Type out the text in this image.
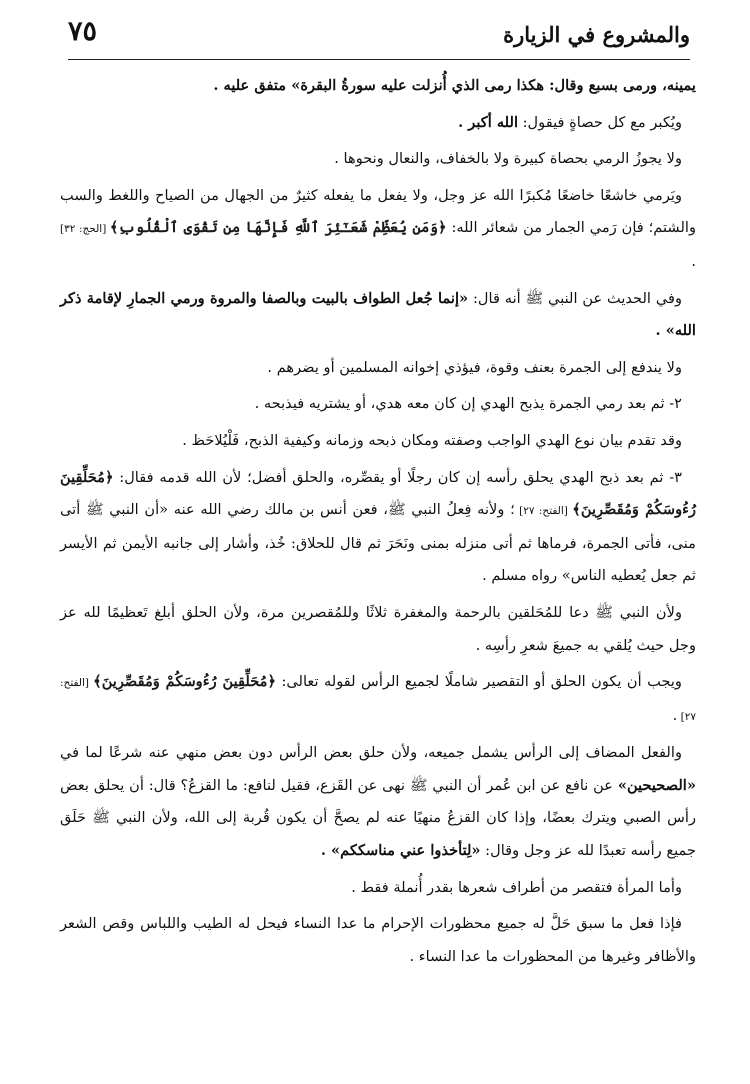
والمشروع في الزيارة
٧٥

يمينه، ورمى بسبع وقال: هكذا رمى الذي أُنزلت عليه سورةُ البقرة» متفق عليه .

ويُكبر مع كل حصاةٍ فيقول: الله أكبر .

ولا يجوزُ الرمي بحصاة كبيرة ولا بالخفاف، والنعال ونحوها .

ويَرمي خاشعًا خاضعًا مُكبرًا الله عز وجل، ولا يفعل ما يفعله كثيرٌ من الجهال من الصياح واللغط والسب والشتم؛ فإن رَمي الجمار من شعائر الله: ﴿وَمَن يُعَظِّمْ شَعَـٰٓئِرَ ٱللَّهِ فَإِنَّهَا مِن تَقْوَى ٱلْقُلُوبِ﴾ [الحج: ٣٢] .

وفي الحديث عن النبي ﷺ أنه قال: «إنما جُعل الطواف بالبيت وبالصفا والمروة ورمي الجمارِ لإقامة ذكر الله» .

ولا يندفع إلى الجمرة بعنف وقوة، فيؤذي إخوانه المسلمين أو يضرهم .

٢- ثم بعد رمي الجمرة يذبح الهدي إن كان معه هدي، أو يشتريه فيذبحه .

وقد تقدم بيان نوع الهدي الواجب وصفته ومكان ذبحه وزمانه وكيفية الذبح، فَلْيُلاحَظ .

٣- ثم بعد ذبح الهدي يحلق رأسه إن كان رجلًا أو يقصِّره، والحلق أفضل؛ لأن الله قدمه فقال: ﴿مُحَلِّقِينَ رُءُوسَكُمْ وَمُقَصِّرِينَ﴾ [الفتح: ٢٧] ؛ ولأنه فِعلُ النبي ﷺ، فعن أنس بن مالك رضي الله عنه «أن النبي ﷺ أتى منى، فأتى الجمرة، فرماها ثم أتى منزله بمنى ونَحَرَ ثم قال للحلاق: خُذ، وأشار إلى جانبه الأيمن ثم الأيسر ثم جعل يُعطيه الناس» رواه مسلم .

ولأن النبي ﷺ دعا للمُحَلقين بالرحمة والمغفرة ثلاثًا وللمُقصرين مرة، ولأن الحلق أبلغ تَعظيمًا لله عز وجل حيث يُلقي به جميعَ شعرِ رأسِه .

ويجب أن يكون الحلق أو التقصير شاملًا لجميع الرأس لقوله تعالى: ﴿مُحَلِّقِينَ رُءُوسَكُمْ وَمُقَصِّرِينَ﴾ [الفتح: ٢٧] .

والفعل المضاف إلى الرأس يشمل جميعه، ولأن حلق بعض الرأس دون بعض منهي عنه شرعًا لما في «الصحيحين» عن نافع عن ابن عُمر أن النبي ﷺ نهى عن القَزع، فقيل لنافع: ما القزعُ؟ قال: أن يحلق بعض رأس الصبي ويترك بعضًا، وإذا كان القزعُ منهيًا عنه لم يصحَّ أن يكون قُربة إلى الله، ولأن النبي ﷺ حَلَق جميع رأسه تعبدًا لله عز وجل وقال: «لِتأخذوا عني مناسككم» .

وأما المرأة فتقصر من أطراف شعرها بقدر أُنملة فقط .

فإذا فعل ما سبق حَلَّ له جميع محظورات الإحرام ما عدا النساء فيحل له الطيب واللباس وقص الشعر والأظافر وغيرها من المحظورات ما عدا النساء .
